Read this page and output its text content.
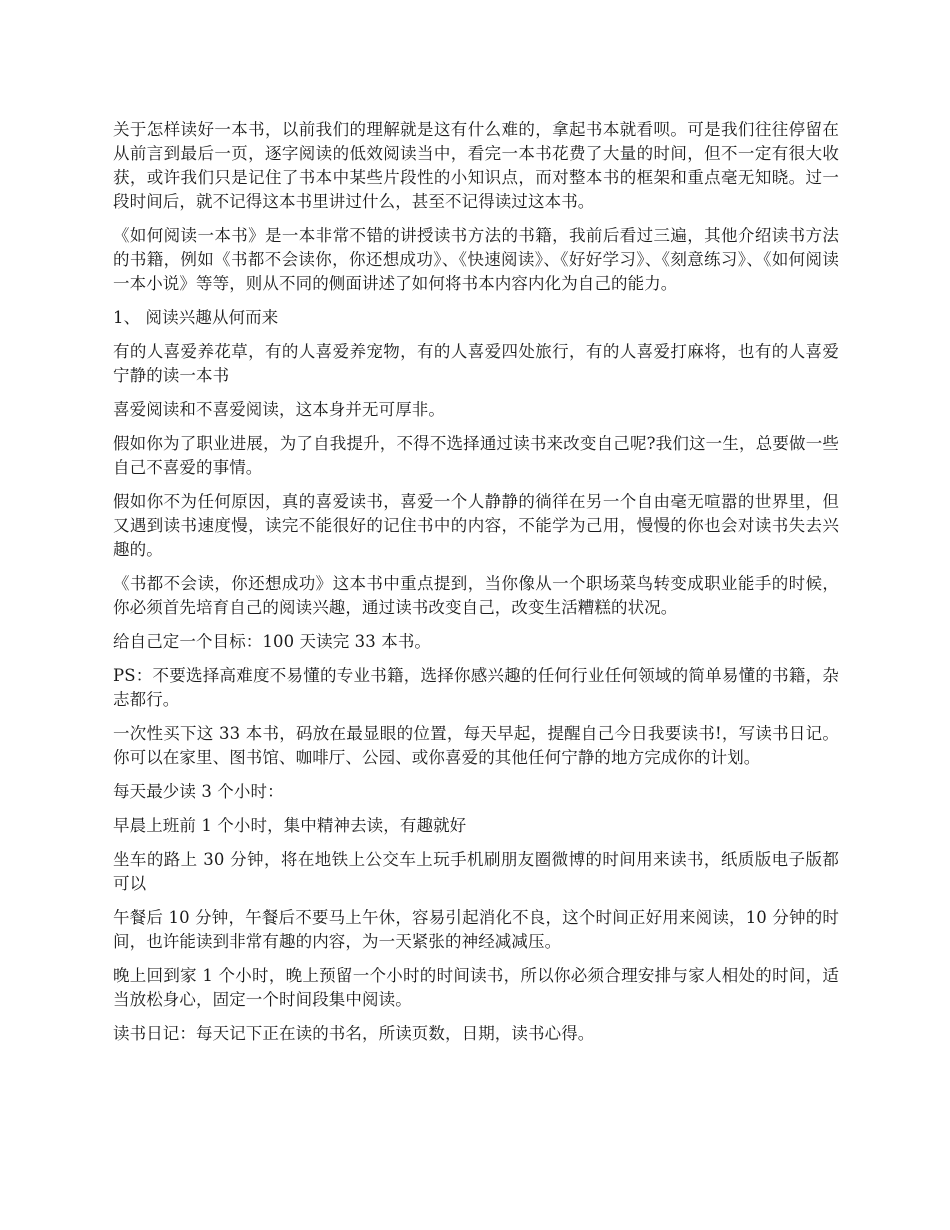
关于怎样读好一本书，以前我们的理解就是这有什么难的，拿起书本就看呗。可是我们往往停留在从前言到最后一页，逐字阅读的低效阅读当中，看完一本书花费了大量的时间，但不一定有很大收获，或许我们只是记住了书本中某些片段性的小知识点，而对整本书的框架和重点毫无知晓。过一段时间后，就不记得这本书里讲过什么，甚至不记得读过这本书。

《如何阅读一本书》是一本非常不错的讲授读书方法的书籍，我前后看过三遍，其他介绍读书方法的书籍，例如《书都不会读你，你还想成功》、《快速阅读》、《好好学习》、《刻意练习》、《如何阅读一本小说》等等，则从不同的侧面讲述了如何将书本内容内化为自己的能力。

1、 阅读兴趣从何而来

有的人喜爱养花草，有的人喜爱养宠物，有的人喜爱四处旅行，有的人喜爱打麻将，也有的人喜爱宁静的读一本书

喜爱阅读和不喜爱阅读，这本身并无可厚非。

假如你为了职业进展，为了自我提升，不得不选择通过读书来改变自己呢?我们这一生，总要做一些自己不喜爱的事情。

假如你不为任何原因，真的喜爱读书，喜爱一个人静静的徜徉在另一个自由毫无喧嚣的世界里，但又遇到读书速度慢，读完不能很好的记住书中的内容，不能学为己用，慢慢的你也会对读书失去兴趣的。

《书都不会读，你还想成功》这本书中重点提到，当你像从一个职场菜鸟转变成职业能手的时候，你必须首先培育自己的阅读兴趣，通过读书改变自己，改变生活糟糕的状况。

给自己定一个目标：100 天读完 33 本书。

PS：不要选择高难度不易懂的专业书籍，选择你感兴趣的任何行业任何领域的简单易懂的书籍，杂志都行。

一次性买下这 33 本书，码放在最显眼的位置，每天早起，提醒自己今日我要读书!，写读书日记。你可以在家里、图书馆、咖啡厅、公园、或你喜爱的其他任何宁静的地方完成你的计划。

每天最少读 3 个小时：

早晨上班前 1 个小时，集中精神去读，有趣就好

坐车的路上 30 分钟，将在地铁上公交车上玩手机刷朋友圈微博的时间用来读书，纸质版电子版都可以

午餐后 10 分钟，午餐后不要马上午休，容易引起消化不良，这个时间正好用来阅读，10 分钟的时间，也许能读到非常有趣的内容，为一天紧张的神经减减压。

晚上回到家 1 个小时，晚上预留一个小时的时间读书，所以你必须合理安排与家人相处的时间，适当放松身心，固定一个时间段集中阅读。

读书日记：每天记下正在读的书名，所读页数，日期，读书心得。
